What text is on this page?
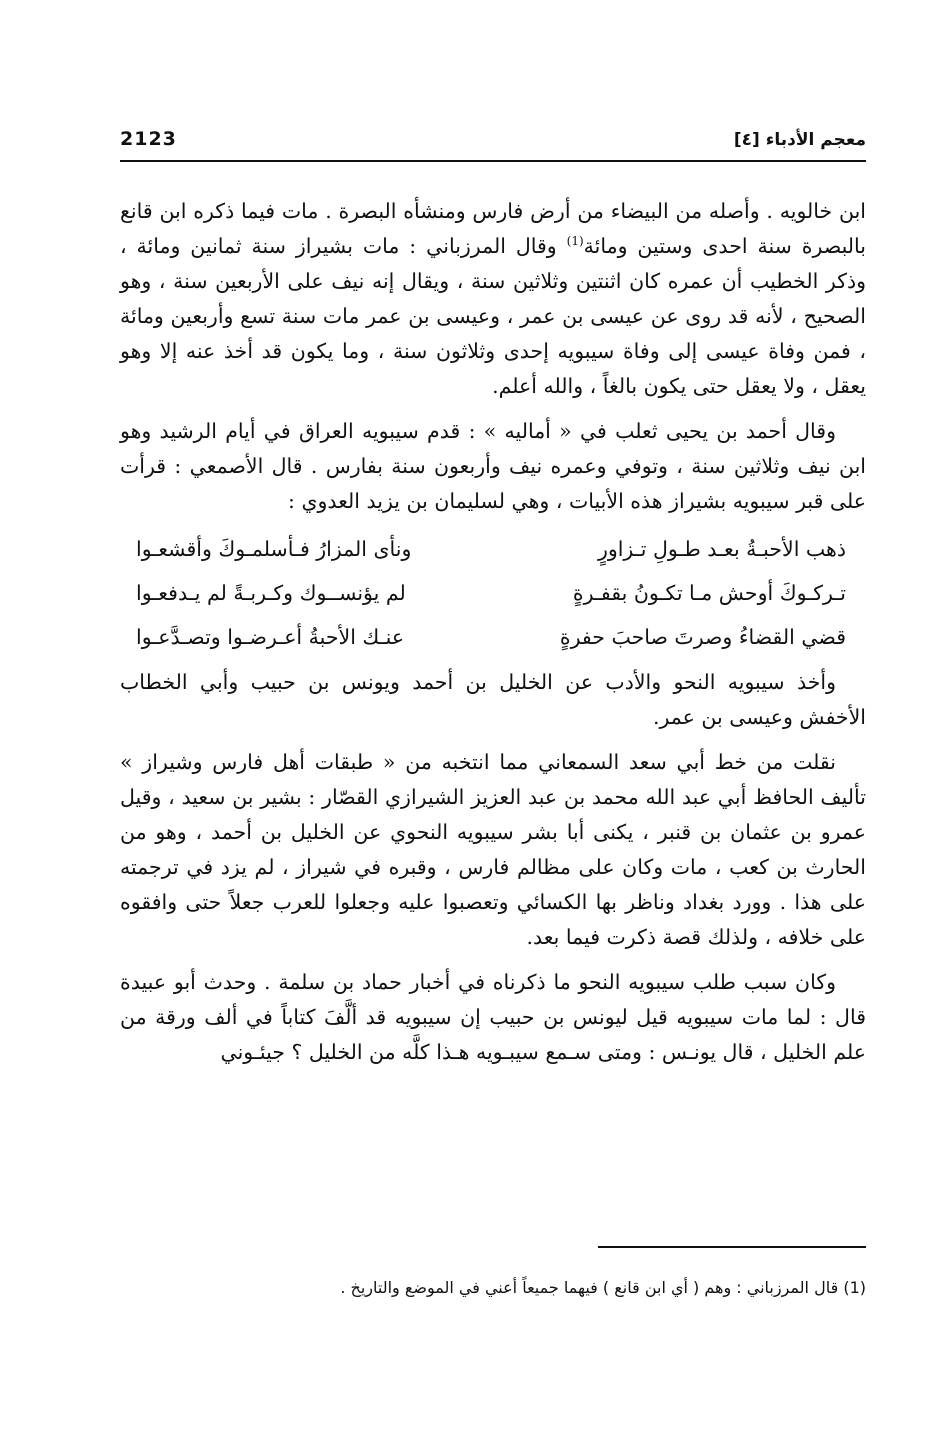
2123	معجم الأدباء [٤]

ابن خالويه . وأصله من البيضاء من أرض فارس ومنشأه البصرة . مات فيما ذكره ابن قانع بالبصرة سنة احدى وستين ومائة$^{(1)}$ وقال المرزباني : مات بشيراز سنة ثمانين ومائة ، وذكر الخطيب أن عمره كان اثنتين وثلاثين سنة ، ويقال إنه نيف على الأربعين سنة ، وهو الصحيح ، لأنه قد روى عن عيسى بن عمر ، وعيسى بن عمر مات سنة تسع وأربعين ومائة ، فمن وفاة عيسى إلى وفاة سيبويه إحدى وثلاثون سنة ، وما يكون قد أخذ عنه إلا وهو يعقل ، ولا يعقل حتى يكون بالغاً ، والله أعلم.

وقال أحمد بن يحيى ثعلب في « أماليه » : قدم سيبويه العراق في أيام الرشيد وهو ابن نيف وثلاثين سنة ، وتوفي وعمره نيف وأربعون سنة بفارس . قال الأصمعي : قرأت على قبر سيبويه بشيراز هذه الأبيات ، وهي لسليمان بن يزيد العدوي :

ذهب الأحبـةُ بعـد طـولِ تـزاورٍ
ونأى المزارُ فـأسلمـوكَ وأقشعـوا
تـركـوكَ أوحش مـا تكـونُ بقفـرةٍ
لم يؤنســوك وكـربـةً لم يـدفعـوا
قضي القضاءُ وصرتَ صاحبَ حفرةٍ
عنـك الأحبةُ أعـرضـوا وتصـدَّعـوا

وأخذ سيبويه النحو والأدب عن الخليل بن أحمد ويونس بن حبيب وأبي الخطاب الأخفش وعيسى بن عمر.

نقلت من خط أبي سعد السمعاني مما انتخبه من « طبقات أهل فارس وشيراز » تأليف الحافظ أبي عبد الله محمد بن عبد العزيز الشيرازي القصّار : بشير بن سعيد ، وقيل عمرو بن عثمان بن قنبر ، يكنى أبا بشر سيبويه النحوي عن الخليل بن أحمد ، وهو من الحارث بن كعب ، مات وكان على مظالم فارس ، وقبره في شيراز ، لم يزد في ترجمته على هذا . وورد بغداد وناظر بها الكسائي وتعصبوا عليه وجعلوا للعرب جعلاً حتى وافقوه على خلافه ، ولذلك قصة ذكرت فيما بعد.

وكان سبب طلب سيبويه النحو ما ذكرناه في أخبار حماد بن سلمة . وحدث أبو عبيدة قال : لما مات سيبويه قيل ليونس بن حبيب إن سيبويه قد ألَّفَ كتاباً في ألف ورقة من علم الخليل ، قال يونـس : ومتى سـمع سيبـويه هـذا كلَّه من الخليل ؟ جيئـوني

(1) قال المرزباني : وهم ( أي ابن قانع ) فيهما جميعاً أعني في الموضع والتاريخ .
